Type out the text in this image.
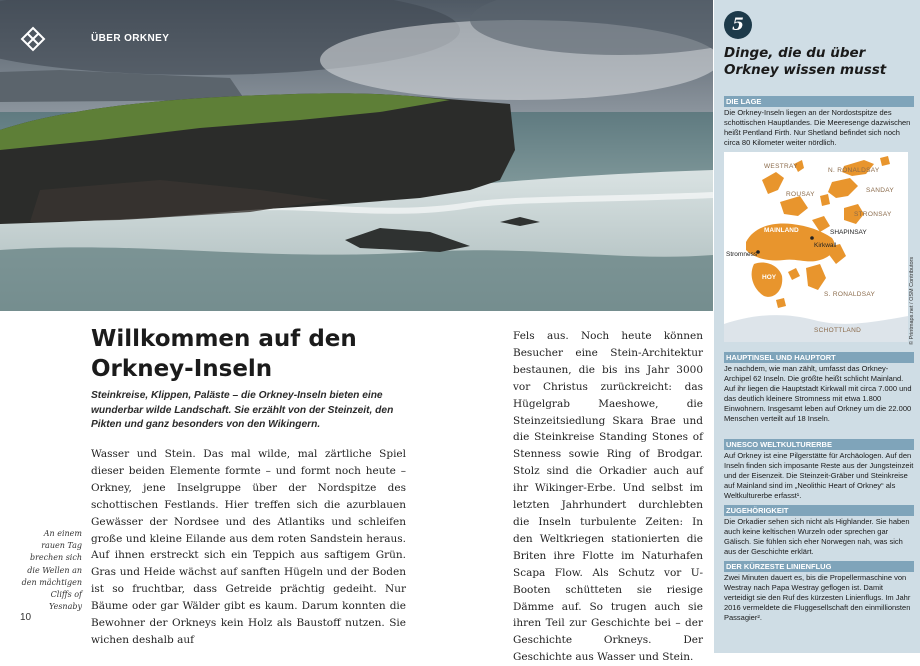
ÜBER ORKNEY
Willkommen auf den Orkney-Inseln

Steinkreise, Klippen, Paläste – die Orkney-Inseln bieten eine wunderbar wilde Landschaft. Sie erzählt von der Steinzeit, den Pikten und ganz besonders von den Wikingern.

Wasser und Stein. Das mal wilde, mal zärtliche Spiel dieser beiden Elemente formte – und formt noch heute – Orkney, jene Inselgruppe über der Nordspitze des schottischen Festlands. Hier treffen sich die azurblauen Gewässer der Nordsee und des Atlantiks und schleifen große und kleine Eilande aus dem roten Sandstein heraus. Auf ihnen erstreckt sich ein Teppich aus saftigem Grün. Gras und Heide wächst auf sanften Hügeln und der Boden ist so fruchtbar, dass Getreide prächtig gedeiht. Nur Bäume oder gar Wälder gibt es kaum. Darum konnten die Bewohner der Orkneys kein Holz als Baustoff nutzen. Sie wichen deshalb auf

Fels aus. Noch heute können Besucher eine Stein-Architektur bestaunen, die bis ins Jahr 3000 vor Christus zurückreicht: das Hügelgrab Maeshowe, die Steinzeitsiedlung Skara Brae und die Steinkreise Standing Stones of Stenness sowie Ring of Brodgar. Stolz sind die Orkadier auch auf ihr Wikinger-Erbe. Und selbst im letzten Jahrhundert durchlebten die Inseln turbulente Zeiten: In den Weltkriegen stationierten die Briten ihre Flotte im Naturhafen Scapa Flow. Als Schutz vor U-Booten schütteten sie riesige Dämme auf. So trugen auch sie ihren Teil zur Geschichte bei – der Geschichte Orkneys. Der Geschichte aus Wasser und Stein.

An einem rauen Tag brechen sich die Wellen an den mächtigen Cliffs of Yesnaby

10
5
Dinge, die du über Orkney wissen musst
DIE LAGE

Die Orkney-Inseln liegen an der Nordostspitze des schottischen Hauptlandes. Die Meeresenge dazwischen heißt Pentland Firth. Nur Shetland befindet sich noch circa 80 Kilometer weiter nördlich.

WESTRAY
N. RONALDSAY
SANDAY
ROUSAY
STRONSAY
SHAPINSAY
MAINLAND
Kirkwall
Stromness
HOY
S. RONALDSAY
SCHOTTLAND	© Printmaps.net / OSM Contributors
HAUPTINSEL UND HAUPTORT

Je nachdem, wie man zählt, umfasst das Orkney-Archipel 62 Inseln. Die größte heißt schlicht Mainland. Auf ihr liegen die Hauptstadt Kirkwall mit circa 7.000 und das deutlich kleinere Stromness mit etwa 1.800 Einwohnern. Insgesamt leben auf Orkney um die 22.000 Menschen verteilt auf 18 Inseln.

UNESCO WELTKULTURERBE

Auf Orkney ist eine Pilgerstätte für Archäologen. Auf den Inseln finden sich imposante Reste aus der Jungsteinzeit und der Eisenzeit. Die Steinzeit-Gräber und Steinkreise auf Mainland sind im „Neolithic Heart of Orkney“ als Weltkulturerbe erfasst¹.

ZUGEHÖRIGKEIT

Die Orkadier sehen sich nicht als Highlander. Sie haben auch keine keltischen Wurzeln oder sprechen gar Gälisch. Sie fühlen sich eher Norwegen nah, was sich aus der Geschichte erklärt.

DER KÜRZESTE LINIENFLUG

Zwei Minuten dauert es, bis die Propellermaschine von Westray nach Papa Westray geflogen ist. Damit verteidigt sie den Ruf des kürzesten Linienflugs. Im Jahr 2016 vermeldete die Fluggesellschaft den einmillionsten Passagier².
